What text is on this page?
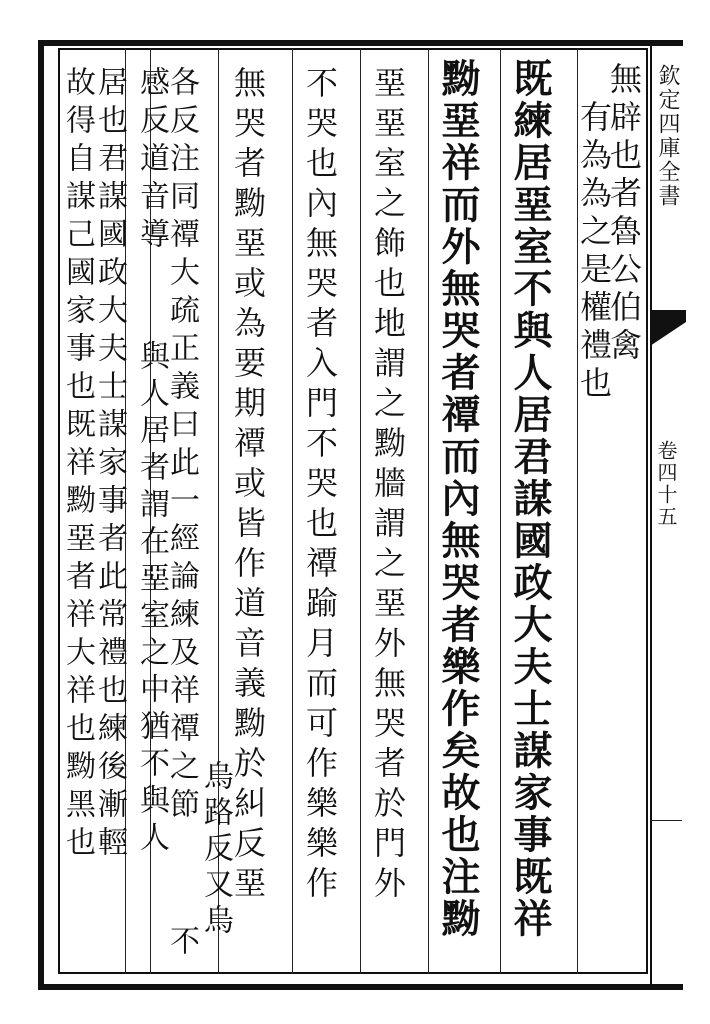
欽定四庫全書
卷四十五
無辟也者魯公伯禽
有為為之是權禮也
既練居堊室不與人居君謀國政大夫士謀家事既祥
黝堊祥而外無哭者禫而內無哭者樂作矣故也注黝
堊堊室之飾也地謂之黝牆謂之堊外無哭者於門外
不哭也內無哭者入門不哭也禫踰月而可作樂樂作
無哭者黝堊或為要期禫或皆作道音義黝於糾反堊
烏路反又烏
各反注同禫大疏正義曰此一經論練及祥禫之節
不
感反道音導
與人居者謂在堊室之中猶不與人
居也君謀國政大夫士謀家事者此常禮也練後漸輕
故得自謀己國家事也既祥黝堊者祥大祥也黝黑也
